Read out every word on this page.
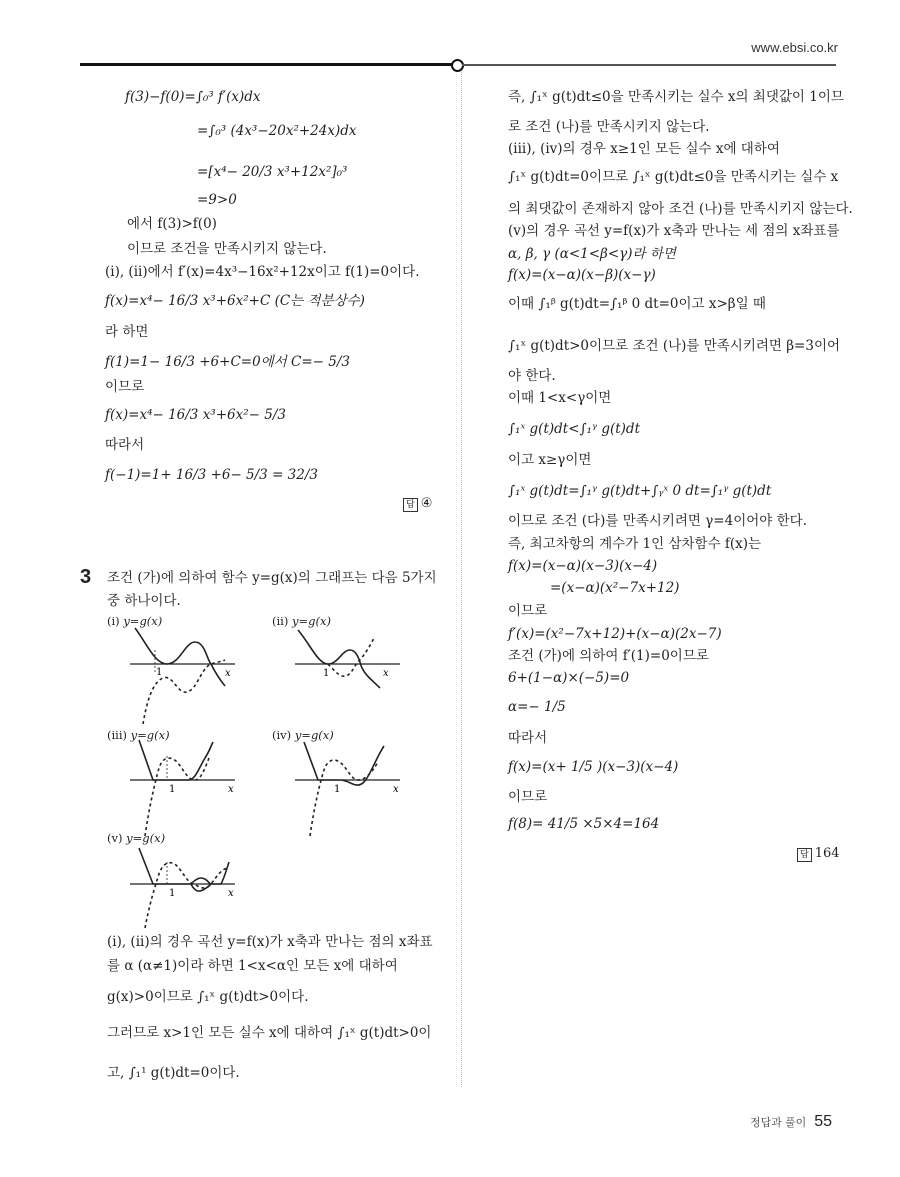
www.ebsi.co.kr
f(3)−f(0)=∫₀³ f′(x)dx
=∫₀³ (4x³−20x²+24x)dx
=[x⁴− 20/3 x³+12x²]₀³
=9>0
에서 f(3)>f(0)
이므로 조건을 만족시키지 않는다.
(i), (ii)에서 f′(x)=4x³−16x²+12x이고 f(1)=0이다.
f(x)=x⁴− 16/3 x³+6x²+C (C는 적분상수)
라 하면
f(1)=1− 16/3 +6+C=0에서 C=− 5/3
이므로
f(x)=x⁴− 16/3 x³+6x²− 5/3
따라서
f(−1)=1+ 16/3 +6− 5/3 = 32/3
답 ④
3 조건 (가)에 의하여 함수 y=g(x)의 그래프는 다음 5가지
중 하나이다.
(i) y=g(x)	(ii) y=g(x)
(iii) y=g(x)	(iv) y=g(x)
(v) y=g(x)
1	x	1	x
1	x	1	x
1	x
(i), (ii)의 경우 곡선 y=f(x)가 x축과 만나는 점의 x좌표
를 α (α≠1)이라 하면 1<x<α인 모든 x에 대하여
g(x)>0이므로 ∫₁ˣ g(t)dt>0이다.
그러므로 x>1인 모든 실수 x에 대하여 ∫₁ˣ g(t)dt>0이
고, ∫₁¹ g(t)dt=0이다.
즉, ∫₁ˣ g(t)dt≤0을 만족시키는 실수 x의 최댓값이 1이므
로 조건 (나)를 만족시키지 않는다.
(iii), (iv)의 경우 x≥1인 모든 실수 x에 대하여
∫₁ˣ g(t)dt=0이므로 ∫₁ˣ g(t)dt≤0을 만족시키는 실수 x
의 최댓값이 존재하지 않아 조건 (나)를 만족시키지 않는다.
(v)의 경우 곡선 y=f(x)가 x축과 만나는 세 점의 x좌표를
α, β, γ (α<1<β<γ)라 하면
f(x)=(x−α)(x−β)(x−γ)
이때 ∫₁ᵝ g(t)dt=∫₁ᵝ 0 dt=0이고 x>β일 때
∫₁ˣ g(t)dt>0이므로 조건 (나)를 만족시키려면 β=3이어
야 한다.
이때 1<x<γ이면
∫₁ˣ g(t)dt<∫₁ᵞ g(t)dt
이고 x≥γ이면
∫₁ˣ g(t)dt=∫₁ᵞ g(t)dt+∫ᵧˣ 0 dt=∫₁ᵞ g(t)dt
이므로 조건 (다)를 만족시키려면 γ=4이어야 한다.
즉, 최고차항의 계수가 1인 삼차함수 f(x)는
f(x)=(x−α)(x−3)(x−4)
=(x−α)(x²−7x+12)
이므로
f′(x)=(x²−7x+12)+(x−α)(2x−7)
조건 (가)에 의하여 f′(1)=0이므로
6+(1−α)×(−5)=0
α=− 1/5
따라서
f(x)=(x+ 1/5 )(x−3)(x−4)
이므로
f(8)= 41/5 ×5×4=164
답 164
정답과 풀이 55
